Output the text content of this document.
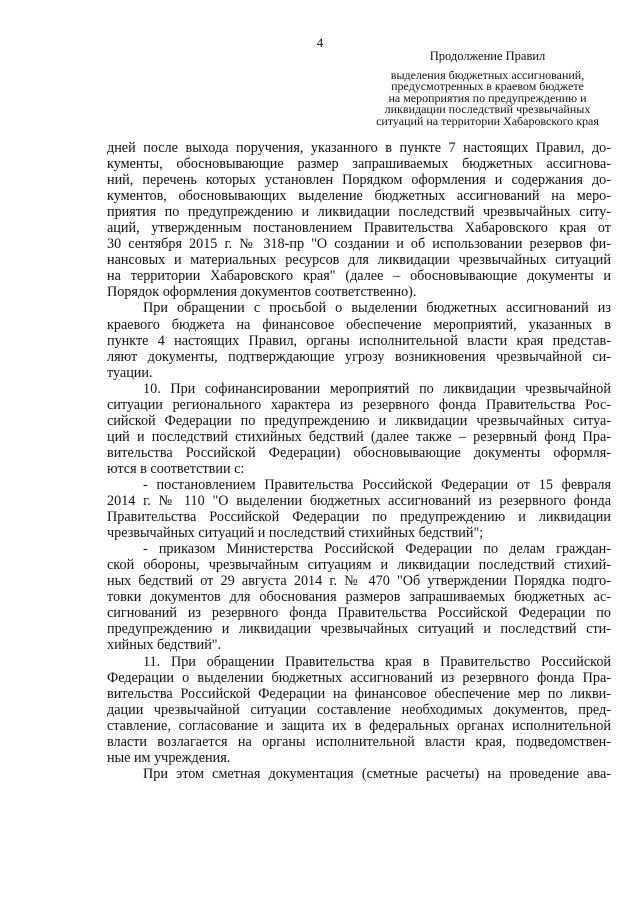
4
Продолжение Правил
выделения бюджетных ассигнований,
предусмотренных в краевом бюджете
на мероприятия по предупреждению и
ликвидации последствий чрезвычайных
ситуаций на территории Хабаровского края
дней после выхода поручения, указанного в пункте 7 настоящих Правил, до-
кументы, обосновывающие размер запрашиваемых бюджетных ассигнова-
ний, перечень которых установлен Порядком оформления и содержания до-
кументов, обосновывающих выделение бюджетных ассигнований на меро-
приятия по предупреждению и ликвидации последствий чрезвычайных ситу-
аций, утвержденным постановлением Правительства Хабаровского края от
30 сентября 2015 г. № 318-пр "О создании и об использовании резервов фи-
нансовых и материальных ресурсов для ликвидации чрезвычайных ситуаций
на территории Хабаровского края" (далее – обосновывающие документы и
Порядок оформления документов соответственно).
При обращении с просьбой о выделении бюджетных ассигнований из
краевого бюджета на финансовое обеспечение мероприятий, указанных в
пункте 4 настоящих Правил, органы исполнительной власти края представ-
ляют документы, подтверждающие угрозу возникновения чрезвычайной си-
туации.
10. При софинансировании мероприятий по ликвидации чрезвычайной
ситуации регионального характера из резервного фонда Правительства Рос-
сийской Федерации по предупреждению и ликвидации чрезвычайных ситуа-
ций и последствий стихийных бедствий (далее также – резервный фонд Пра-
вительства Российской Федерации) обосновывающие документы оформля-
ются в соответствии с:
- постановлением Правительства Российской Федерации от 15 февраля
2014 г. № 110 "О выделении бюджетных ассигнований из резервного фонда
Правительства Российской Федерации по предупреждению и ликвидации
чрезвычайных ситуаций и последствий стихийных бедствий";
- приказом Министерства Российской Федерации по делам граждан-
ской обороны, чрезвычайным ситуациям и ликвидации последствий стихий-
ных бедствий от 29 августа 2014 г. № 470 "Об утверждении Порядка подго-
товки документов для обоснования размеров запрашиваемых бюджетных ас-
сигнований из резервного фонда Правительства Российской Федерации по
предупреждению и ликвидации чрезвычайных ситуаций и последствий сти-
хийных бедствий".
11. При обращении Правительства края в Правительство Российской
Федерации о выделении бюджетных ассигнований из резервного фонда Пра-
вительства Российской Федерации на финансовое обеспечение мер по ликви-
дации чрезвычайной ситуации составление необходимых документов, пред-
ставление, согласование и защита их в федеральных органах исполнительной
власти возлагается на органы исполнительной власти края, подведомствен-
ные им учреждения.
При этом сметная документация (сметные расчеты) на проведение ава-
